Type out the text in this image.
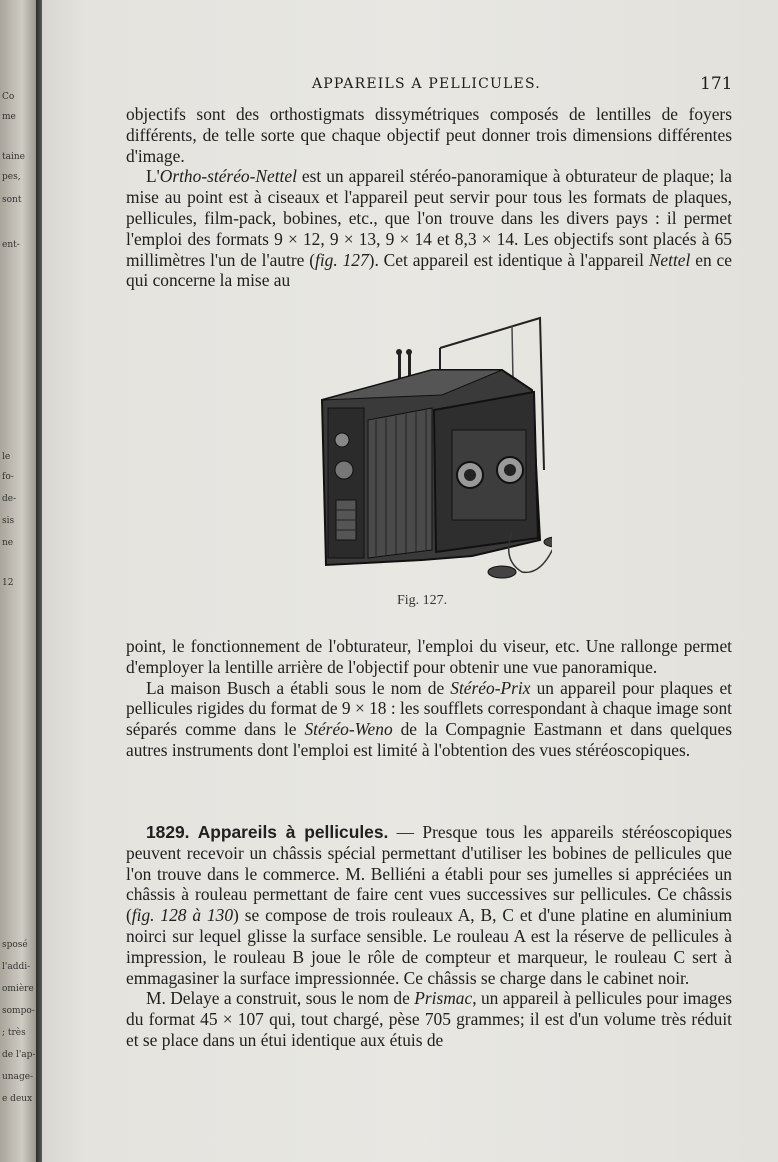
Co
me
taine
pes,
sont
ent-
le
fo-
de-
sis
ne
12
sposé
l'addi-
omière
sompo-
; très
de l'ap-
unage-
e deux
APPAREILS A PELLICULES.	171

objectifs sont des orthostigmats dissymétriques composés de lentilles de foyers différents, de telle sorte que chaque objectif peut donner trois dimensions différentes d'image.

L'Ortho-stéréo-Nettel est un appareil stéréo-panoramique à obturateur de plaque; la mise au point est à ciseaux et l'appareil peut servir pour tous les formats de plaques, pellicules, film-pack, bobines, etc., que l'on trouve dans les divers pays : il permet l'emploi des formats 9 × 12, 9 × 13, 9 × 14 et 8,3 × 14. Les objectifs sont placés à 65 millimètres l'un de l'autre (fig. 127). Cet appareil est identique à l'appareil Nettel en ce qui concerne la mise au

Fig. 127.

point, le fonctionnement de l'obturateur, l'emploi du viseur, etc. Une rallonge permet d'employer la lentille arrière de l'objectif pour obtenir une vue panoramique.

La maison Busch a établi sous le nom de Stéréo-Prix un appareil pour plaques et pellicules rigides du format de 9 × 18 : les soufflets correspondant à chaque image sont séparés comme dans le Stéréo-Weno de la Compagnie Eastmann et dans quelques autres instruments dont l'emploi est limité à l'obtention des vues stéréoscopiques.

1829. Appareils à pellicules. — Presque tous les appareils stéréoscopiques peuvent recevoir un châssis spécial permettant d'utiliser les bobines de pellicules que l'on trouve dans le commerce. M. Belliéni a établi pour ses jumelles si appréciées un châssis à rouleau permettant de faire cent vues successives sur pellicules. Ce châssis (fig. 128 à 130) se compose de trois rouleaux A, B, C et d'une platine en aluminium noirci sur lequel glisse la surface sensible. Le rouleau A est la réserve de pellicules à impression, le rouleau B joue le rôle de compteur et marqueur, le rouleau C sert à emmagasiner la surface impressionnée. Ce châssis se charge dans le cabinet noir.

M. Delaye a construit, sous le nom de Prismac, un appareil à pellicules pour images du format 45 × 107 qui, tout chargé, pèse 705 grammes; il est d'un volume très réduit et se place dans un étui identique aux étuis de
